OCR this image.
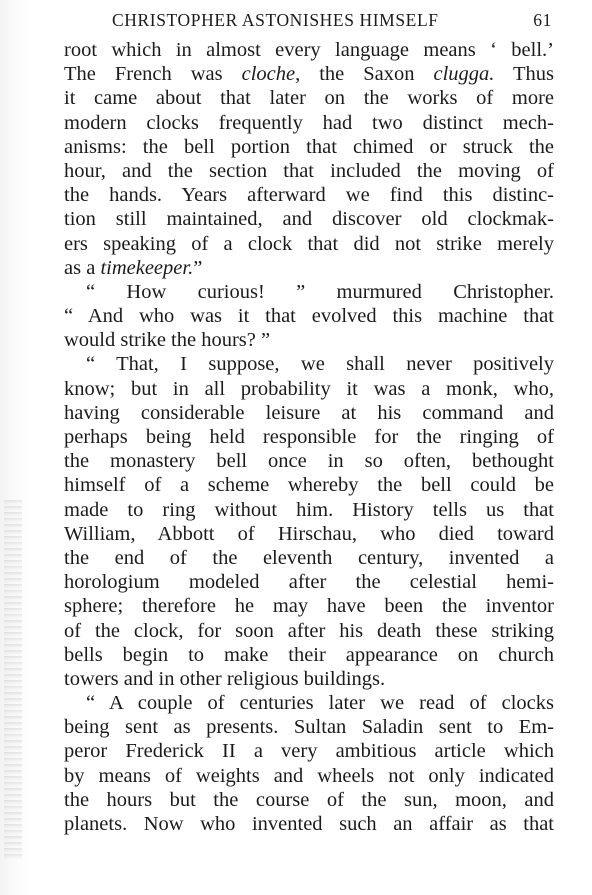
CHRISTOPHER ASTONISHES HIMSELF	61
root which in almost every language means ‘ bell.’
The French was cloche, the Saxon clugga. Thus
it came about that later on the works of more
modern clocks frequently had two distinct mech-
anisms: the bell portion that chimed or struck the
hour, and the section that included the moving of
the hands. Years afterward we find this distinc-
tion still maintained, and discover old clockmak-
ers speaking of a clock that did not strike merely
as a timekeeper.”
“ How curious! ” murmured Christopher.
“ And who was it that evolved this machine that
would strike the hours? ”
“ That, I suppose, we shall never positively
know; but in all probability it was a monk, who,
having considerable leisure at his command and
perhaps being held responsible for the ringing of
the monastery bell once in so often, bethought
himself of a scheme whereby the bell could be
made to ring without him. History tells us that
William, Abbott of Hirschau, who died toward
the end of the eleventh century, invented a
horologium modeled after the celestial hemi-
sphere; therefore he may have been the inventor
of the clock, for soon after his death these striking
bells begin to make their appearance on church
towers and in other religious buildings.
“ A couple of centuries later we read of clocks
being sent as presents. Sultan Saladin sent to Em-
peror Frederick II a very ambitious article which
by means of weights and wheels not only indicated
the hours but the course of the sun, moon, and
planets. Now who invented such an affair as that
